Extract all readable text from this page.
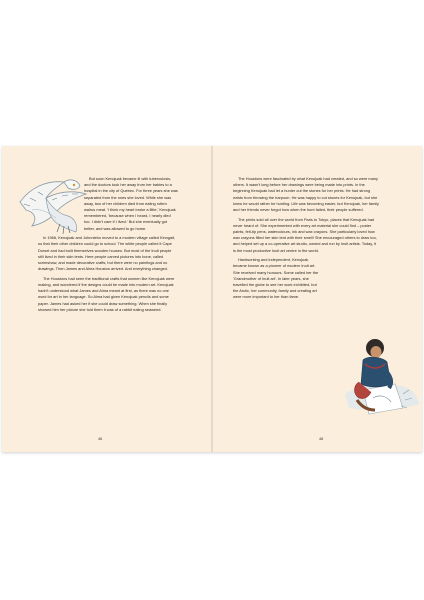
But soon Kenojuak became ill with tuberculosis, and the doctors took her away from her babies to a hospital in the city of Quebec. For three years she was separated from the ones she loved. While she was away, two of her children died from eating rotten walrus meat. 'I think my heart broke a little,' Kenojuak remembered, 'because when I heard, I nearly died too. I didn't care if I lived.' But she eventually got better, and was allowed to go home.

In 1966, Kenojuak and Johnniebo moved to a modern village called Kinngait, so that their other children could go to school. The white people called it Cape Dorset and had built themselves wooden houses. But most of the Inuit people still lived in their skin tents. Here people carved pictures into bone, called scrimshaw, and made decorative crafts; but there were no paintings and no drawings. Then James and Alma Houston arrived. And everything changed.

The Houstons had seen the traditional crafts that women like Kenojuak were making, and wondered if the designs could be made into modern art. Kenojuak hadn't understood what James and Alma meant at first, as there was no one word for art in her language. So Alma had given Kenojuak pencils and some paper. James had asked her if she could draw something. When she finally showed him her picture she told them it was of a rabbit eating seaweed.

46

The Houstons were fascinated by what Kenojuak had created, and so were many others. It wasn't long before her drawings were being made into prints. In the beginning Kenojuak had let a hunter cut the stones for her prints. He had strong wrists from throwing the harpoon. He was happy to cut stones for Kenojuak, but she knew he would rather be hunting. Life was becoming easier, but Kenojuak, her family and her friends never forgot how when the hunt failed, their people suffered.

The prints sold all over the world from Paris to Tokyo, places that Kenojuak had never heard of. She experimented with every art material she could find – poster paints, felt-tip pens, watercolours, ink and wax crayons. She particularly loved how wax crayons filled her skin tent with their smell! She encouraged others to draw too, and helped set up a co-operative art studio, owned and run by Inuit artists. Today, it is the most productive Inuit art centre in the world.

Hardworking and independent, Kenojuak became known as a pioneer of modern Inuit art. She received many honours. Some called her the 'Grandmother of Inuit art'. In later years, she travelled the globe to see her work exhibited, but the Arctic, her community, family and creating art were more important to her than fame.

48
